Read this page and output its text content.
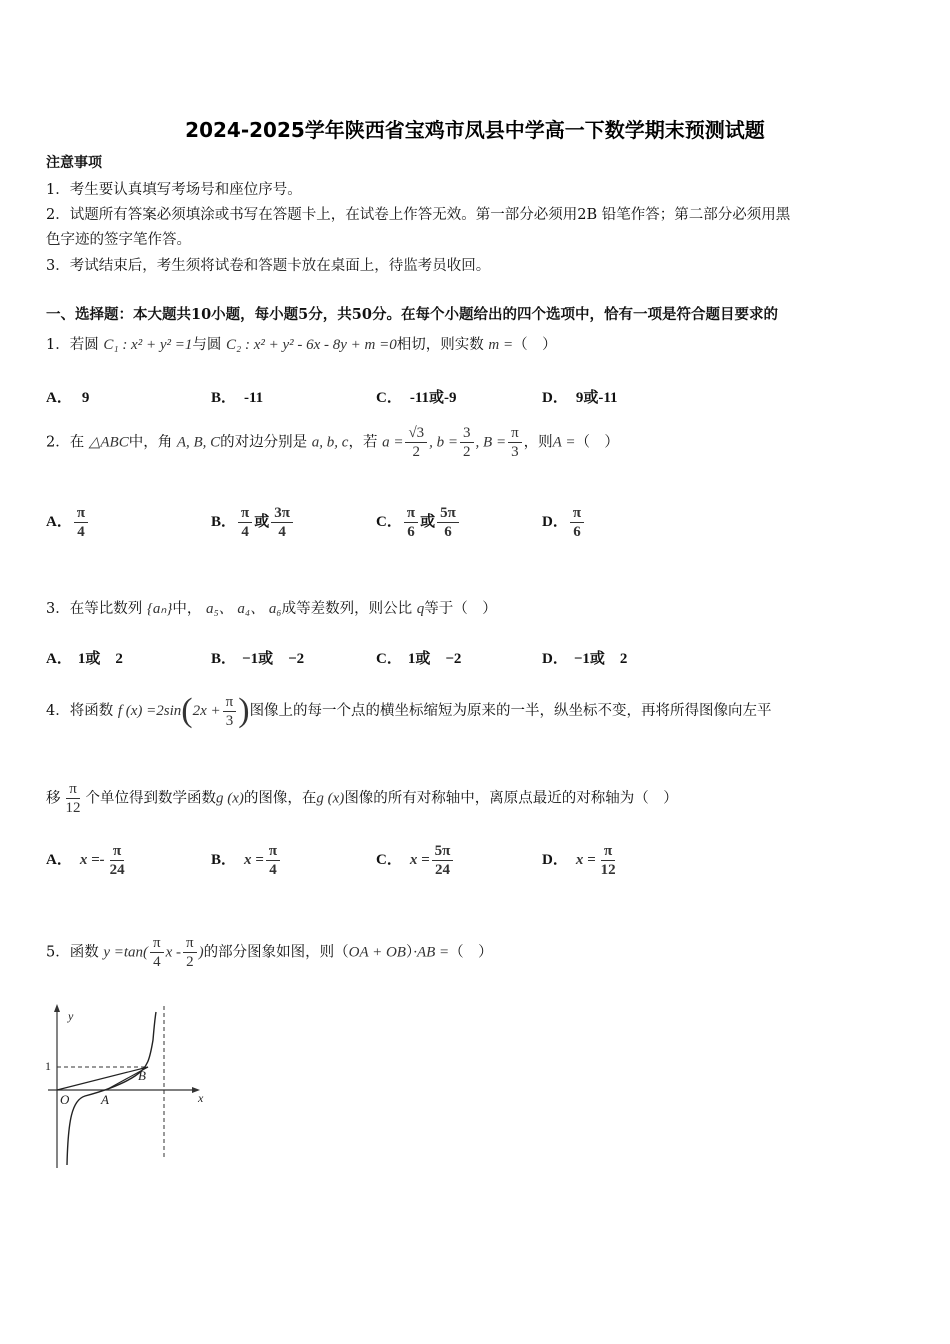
2024-2025学年陕西省宝鸡市凤县中学高一下数学期末预测试题
注意事项
1．考生要认真填写考场号和座位序号。
2．试题所有答案必须填涂或书写在答题卡上，在试卷上作答无效。第一部分必须用2B 铅笔作答；第二部分必须用黑
色字迹的签字笔作答。
3．考试结束后，考生须将试卷和答题卡放在桌面上，待监考员收回。
一、选择题：本大题共10小题，每小题5分，共50分。在每个小题给出的四个选项中，恰有一项是符合题目要求的
1．若圆 C₁ : x² + y² =1与圆 C₂ : x² + y² - 6x - 8y + m =0相切，则实数 m =（　）
A． 9	B． -11	C． -11或-9	D． 9或-11
2．在 △ABC中，角 A, B, C的对边分别是 a, b, c，若 $a = \frac{√3}{2}$ , $b = \frac{3}{2}$ , $B = \frac{\pi}{3}$ ，则A =（　）
A． $\frac{\pi}{4}$	B． $\frac{\pi}{4}$ 或 $\frac{3\pi}{4}$	C． $\frac{\pi}{6}$ 或 $\frac{5\pi}{6}$	D． $\frac{\pi}{6}$
3．在等比数列 {aₙ}中， a₅、 a₄、 a₆成等差数列，则公比 q等于（　）
A． 1或　2	B． −1或　−2	C． 1或　−2	D． −1或　2
4．将函数 f $(x) =2\sin(2x + \frac{\pi}{3}$ )图像上的每一个点的横坐标缩短为原来的一半，纵坐标不变，再将所得图像向左平
移 $\frac{\pi}{12}$ 个单位得到数学函数g (x)的图像，在g (x)图像的所有对称轴中，离原点最近的对称轴为（　）
A． $x =- \frac{\pi}{24}$	B． $x = \frac{\pi}{4}$	C． $x = \frac{5\pi}{24}$	D． $x = \frac{\pi}{12}$
5．函数 $y =\tan( \frac{\pi}{4}$ x - $\frac{\pi}{2}$ )的部分图象如图，则（OA + OB）·AB =（　）
y
x
1
O A
B
